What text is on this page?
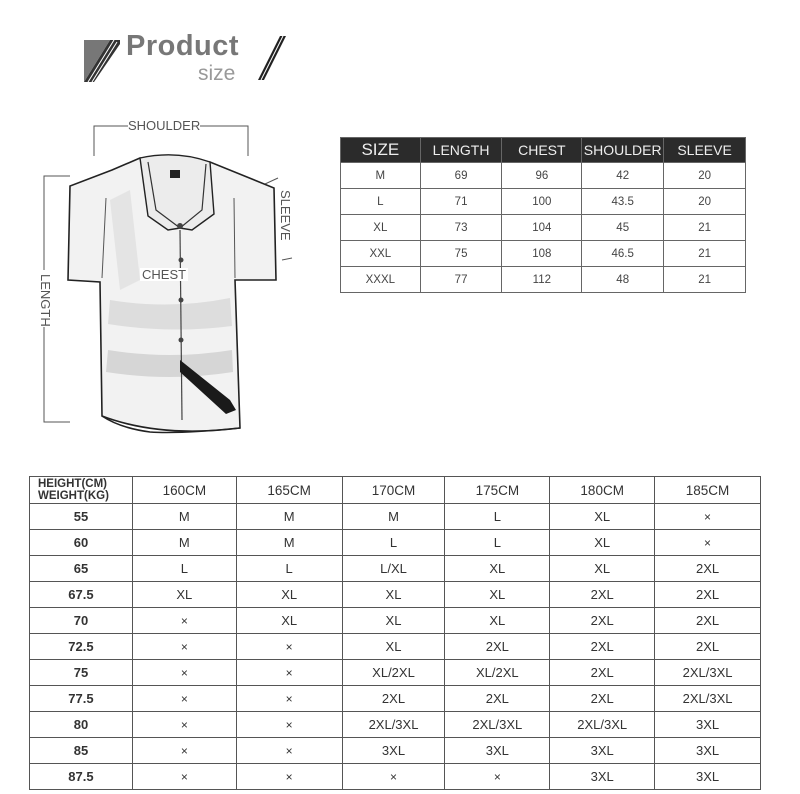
Product
size
SHOULDER
SLEEVE
CHEST
LENGTH
SIZE	LENGTH	CHEST	SHOULDER	SLEEVE
M	69	96	42	20
L	71	100	43.5	20
XL	73	104	45	21
XXL	75	108	46.5	21
XXXL	77	112	48	21
HEIGHT(CM)
WEIGHT(KG)	160CM	165CM	170CM	175CM	180CM	185CM
55	M	M	M	L	XL	×
60	M	M	L	L	XL	×
65	L	L	L/XL	XL	XL	2XL
67.5	XL	XL	XL	XL	2XL	2XL
70	×	XL	XL	XL	2XL	2XL
72.5	×	×	XL	2XL	2XL	2XL
75	×	×	XL/2XL	XL/2XL	2XL	2XL/3XL
77.5	×	×	2XL	2XL	2XL	2XL/3XL
80	×	×	2XL/3XL	2XL/3XL	2XL/3XL	3XL
85	×	×	3XL	3XL	3XL	3XL
87.5	×	×	×	×	3XL	3XL
